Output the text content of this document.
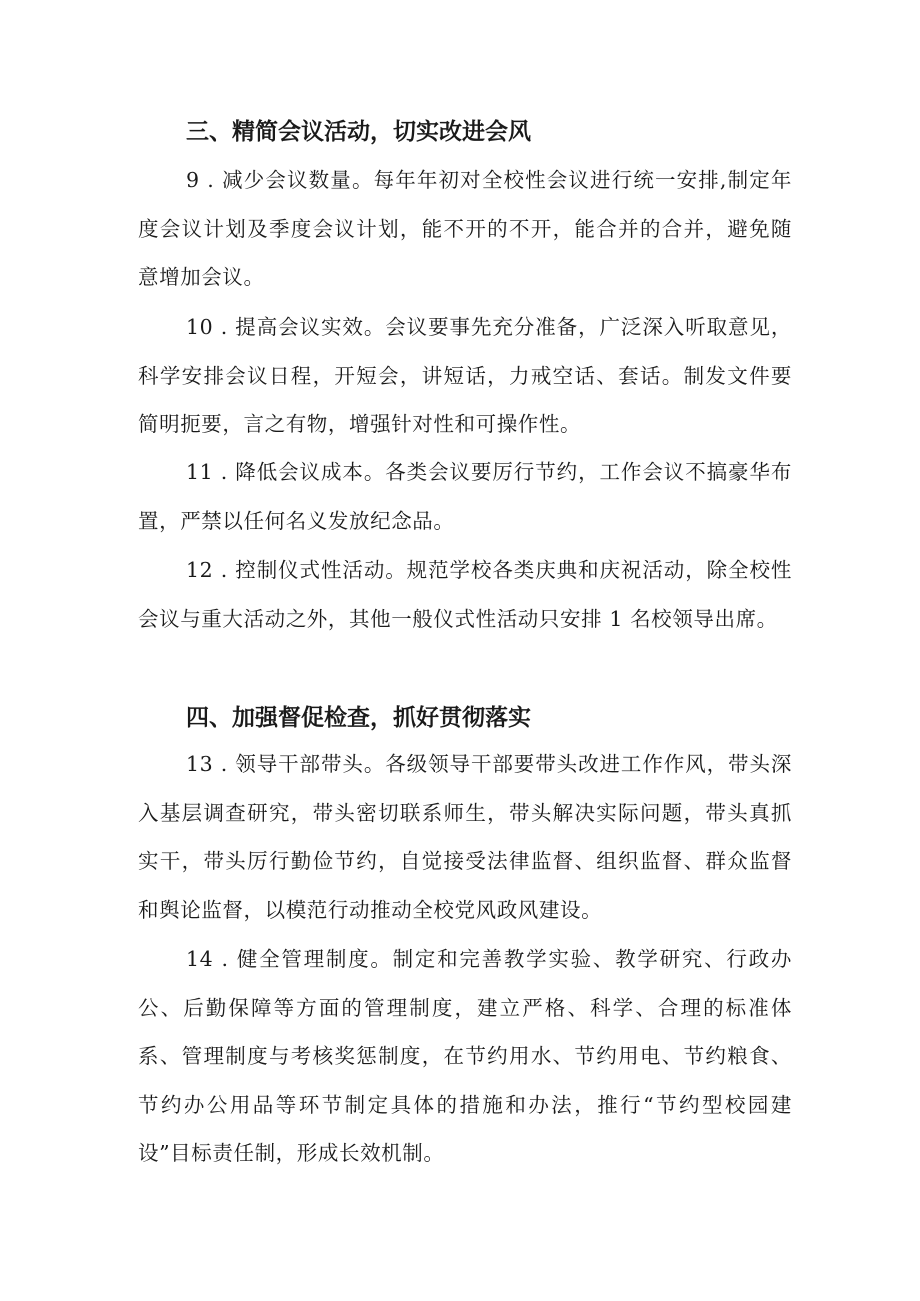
三、精简会议活动，切实改进会风

9 . 减少会议数量。每年年初对全校性会议进行统一安排,制定年度会议计划及季度会议计划，能不开的不开，能合并的合并，避免随意增加会议。

10 . 提高会议实效。会议要事先充分准备，广泛深入听取意见，科学安排会议日程，开短会，讲短话，力戒空话、套话。制发文件要简明扼要，言之有物，增强针对性和可操作性。

11 . 降低会议成本。各类会议要厉行节约，工作会议不搞豪华布置，严禁以任何名义发放纪念品。

12 . 控制仪式性活动。规范学校各类庆典和庆祝活动，除全校性会议与重大活动之外，其他一般仪式性活动只安排 1 名校领导出席。

四、加强督促检查，抓好贯彻落实

13 . 领导干部带头。各级领导干部要带头改进工作作风，带头深入基层调查研究，带头密切联系师生，带头解决实际问题，带头真抓实干，带头厉行勤俭节约，自觉接受法律监督、组织监督、群众监督和舆论监督，以模范行动推动全校党风政风建设。

14 . 健全管理制度。制定和完善教学实验、教学研究、行政办公、后勤保障等方面的管理制度，建立严格、科学、合理的标准体系、管理制度与考核奖惩制度，在节约用水、节约用电、节约粮食、节约办公用品等环节制定具体的措施和办法，推行“节约型校园建设”目标责任制，形成长效机制。
